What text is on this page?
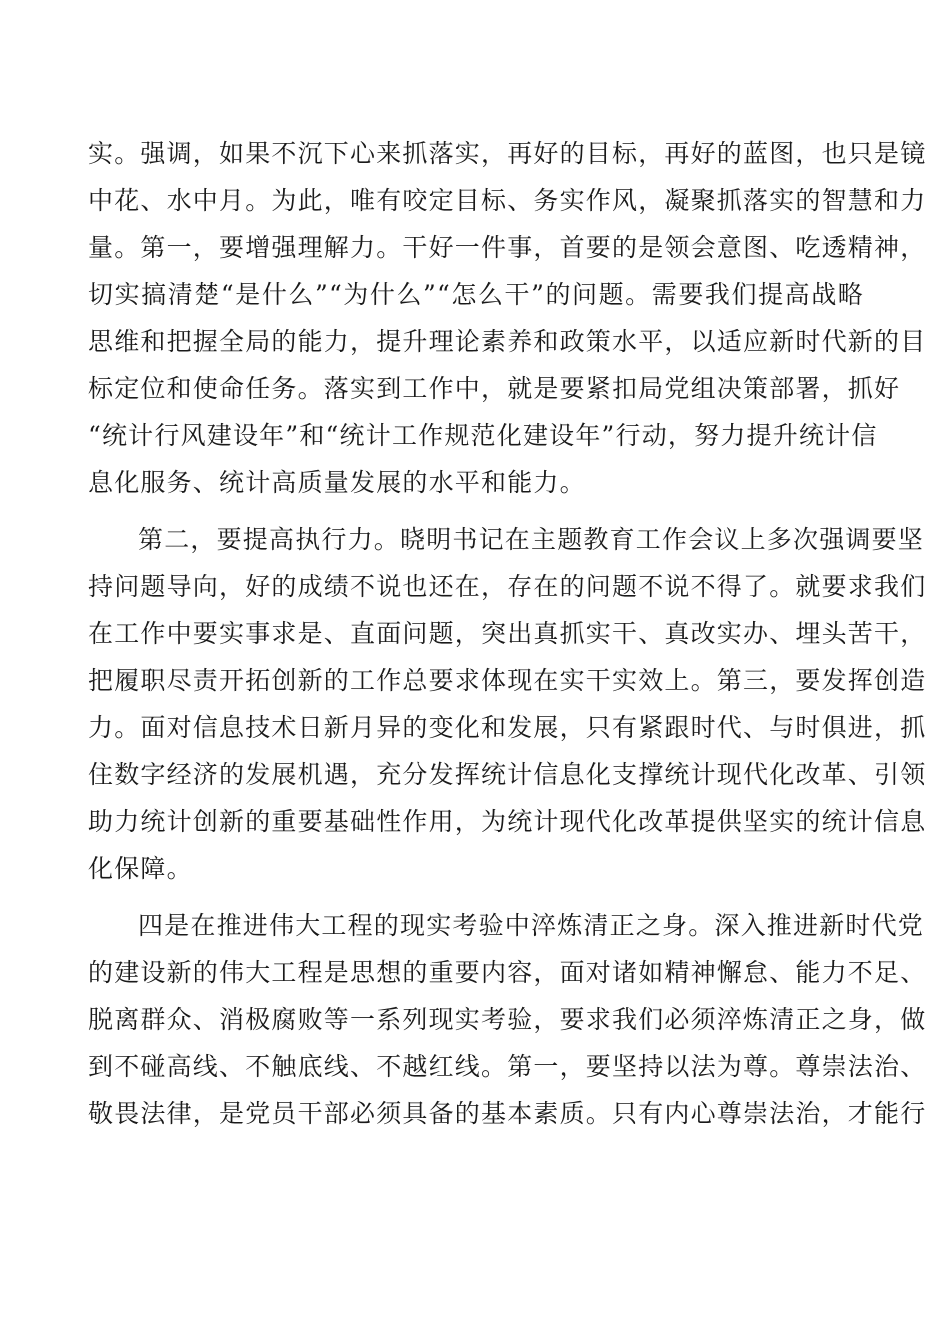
实。强调，如果不沉下心来抓落实，再好的目标，再好的蓝图，也只是镜
中花、水中月。为此，唯有咬定目标、务实作风，凝聚抓落实的智慧和力
量。第一，要增强理解力。干好一件事，首要的是领会意图、吃透精神，
切实搞清楚“是什么”“为什么”“怎么干”的问题。需要我们提高战略
思维和把握全局的能力，提升理论素养和政策水平，以适应新时代新的目
标定位和使命任务。落实到工作中，就是要紧扣局党组决策部署，抓好
“统计行风建设年”和“统计工作规范化建设年”行动，努力提升统计信
息化服务、统计高质量发展的水平和能力。
第二，要提高执行力。晓明书记在主题教育工作会议上多次强调要坚
持问题导向，好的成绩不说也还在，存在的问题不说不得了。就要求我们
在工作中要实事求是、直面问题，突出真抓实干、真改实办、埋头苦干，
把履职尽责开拓创新的工作总要求体现在实干实效上。第三，要发挥创造
力。面对信息技术日新月异的变化和发展，只有紧跟时代、与时俱进，抓
住数字经济的发展机遇，充分发挥统计信息化支撑统计现代化改革、引领
助力统计创新的重要基础性作用，为统计现代化改革提供坚实的统计信息
化保障。
四是在推进伟大工程的现实考验中淬炼清正之身。深入推进新时代党
的建设新的伟大工程是思想的重要内容，面对诸如精神懈怠、能力不足、
脱离群众、消极腐败等一系列现实考验，要求我们必须淬炼清正之身，做
到不碰高线、不触底线、不越红线。第一，要坚持以法为尊。尊崇法治、
敬畏法律，是党员干部必须具备的基本素质。只有内心尊崇法治，才能行
